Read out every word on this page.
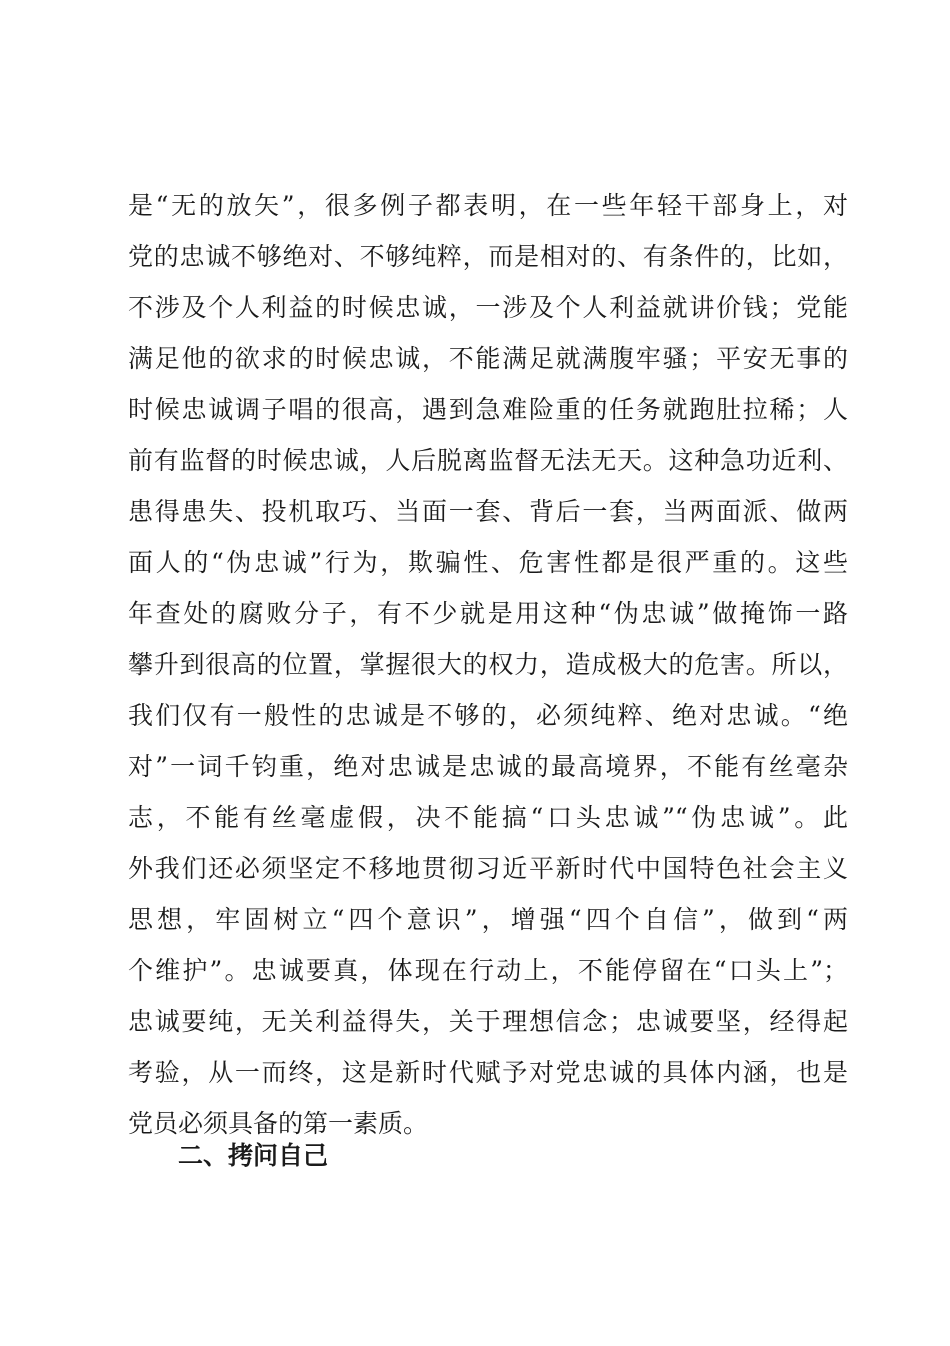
是“无的放矢”，很多例子都表明，在一些年轻干部身上，对
党的忠诚不够绝对、不够纯粹，而是相对的、有条件的，比如，
不涉及个人利益的时候忠诚，一涉及个人利益就讲价钱；党能
满足他的欲求的时候忠诚，不能满足就满腹牢骚；平安无事的
时候忠诚调子唱的很高，遇到急难险重的任务就跑肚拉稀；人
前有监督的时候忠诚，人后脱离监督无法无天。这种急功近利、
患得患失、投机取巧、当面一套、背后一套，当两面派、做两
面人的“伪忠诚”行为，欺骗性、危害性都是很严重的。这些
年查处的腐败分子，有不少就是用这种“伪忠诚”做掩饰一路
攀升到很高的位置，掌握很大的权力，造成极大的危害。所以，
我们仅有一般性的忠诚是不够的，必须纯粹、绝对忠诚。“绝
对”一词千钧重，绝对忠诚是忠诚的最高境界，不能有丝毫杂
志，不能有丝毫虚假，决不能搞“口头忠诚”“伪忠诚”。此
外我们还必须坚定不移地贯彻习近平新时代中国特色社会主义
思想，牢固树立“四个意识”，增强“四个自信”，做到“两
个维护”。忠诚要真，体现在行动上，不能停留在“口头上”；
忠诚要纯，无关利益得失，关于理想信念；忠诚要坚，经得起
考验，从一而终，这是新时代赋予对党忠诚的具体内涵，也是
党员必须具备的第一素质。
二、拷问自己
